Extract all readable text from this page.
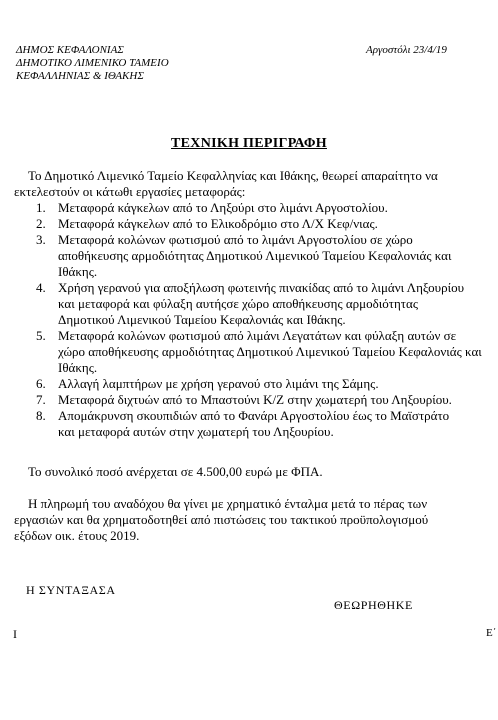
ΔΗΜΟΣ ΚΕΦΑΛΟΝΙΑΣ
ΔΗΜΟΤΙΚΟ ΛΙΜΕΝΙΚΟ ΤΑΜΕΙΟ
ΚΕΦΑΛΛΗΝΙΑΣ & ΙΘΑΚΗΣ
Αργοστόλι 23/4/19
ΤΕΧΝΙΚΗ ΠΕΡΙΓΡΑΦΗ
Το Δημοτικό Λιμενικό Ταμείο Κεφαλληνίας και Ιθάκης, θεωρεί απαραίτητο να
εκτελεστούν οι κάτωθι εργασίες μεταφοράς:
1. Μεταφορά κάγκελων από το Ληξούρι στο λιμάνι Αργοστολίου.
2. Μεταφορά κάγκελων από το Ελικοδρόμιο στο Λ/Χ Κεφ/νιας.
3. Μεταφορά κολώνων φωτισμού από το λιμάνι Αργοστολίου σε χώρο
αποθήκευσης αρμοδιότητας Δημοτικού Λιμενικού Ταμείου Κεφαλονιάς και
Ιθάκης.
4. Χρήση γερανού για αποξήλωση φωτεινής πινακίδας από το λιμάνι Ληξουρίου
και μεταφορά και φύλαξη αυτήςσε χώρο αποθήκευσης αρμοδιότητας
Δημοτικού Λιμενικού Ταμείου Κεφαλονιάς και Ιθάκης.
5. Μεταφορά κολώνων φωτισμού από λιμάνι Λεγατάτων και φύλαξη αυτών σε
χώρο αποθήκευσης αρμοδιότητας Δημοτικού Λιμενικού Ταμείου Κεφαλονιάς και
Ιθάκης.
6. Αλλαγή λαμπτήρων με χρήση γερανού στο λιμάνι της Σάμης.
7. Μεταφορά διχτυών από το Μπαστούνι Κ/Ζ στην χωματερή του Ληξουρίου.
8. Απομάκρυνση σκουπιδιών από το Φανάρι Αργοστολίου έως το Μαϊστράτο
και μεταφορά αυτών στην χωματερή του Ληξουρίου.
Το συνολικό ποσό ανέρχεται σε 4.500,00 ευρώ με ΦΠΑ.
Η πληρωμή του αναδόχου θα γίνει με χρηματικό ένταλμα μετά το πέρας των
εργασιών και θα χρηματοδοτηθεί από πιστώσεις του τακτικού προϋπολογισμού
εξόδων οικ. έτους 2019.
Η ΣΥΝΤΑΞΑΣΑ
ΘΕΩΡΗΘΗΚΕ
Ι	Ε΄
